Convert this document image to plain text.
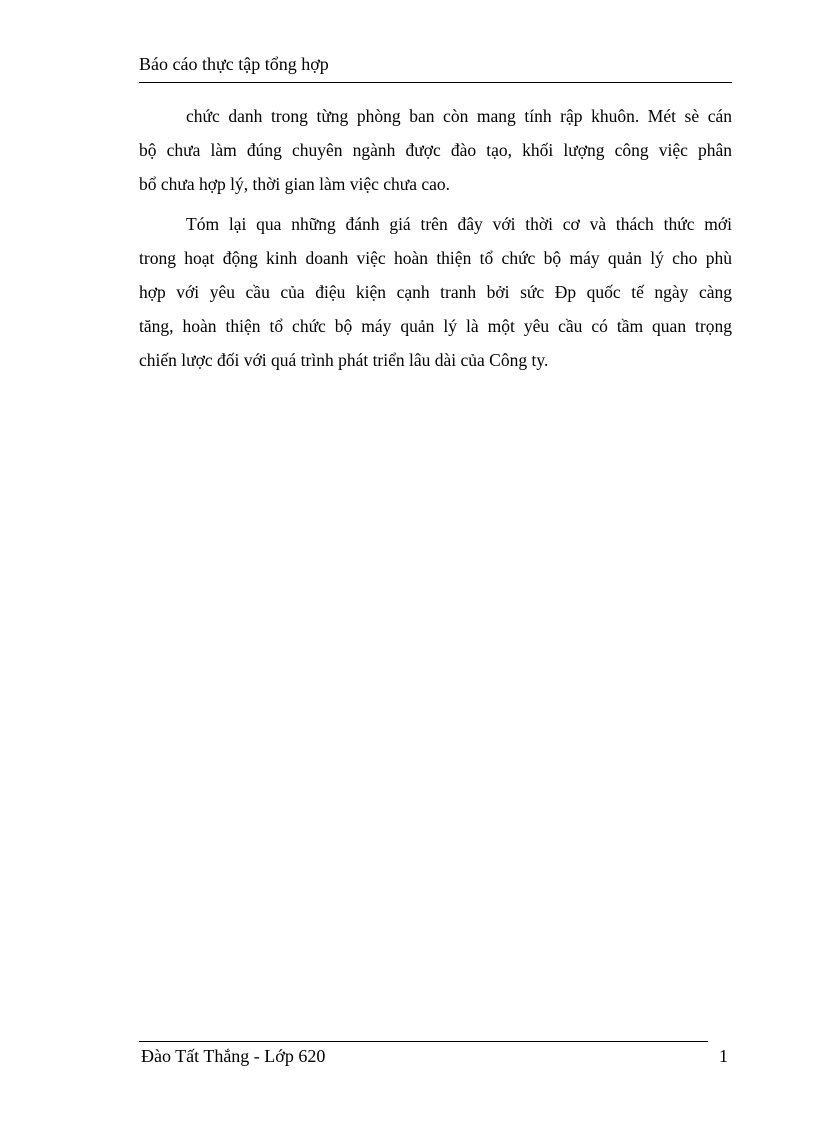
Báo cáo thực tập tổng hợp
chức danh trong từng phòng ban còn mang tính rập khuôn. Mét sè cán
bộ chưa làm đúng chuyên ngành được đào tạo, khối lượng công việc phân
bổ chưa hợp lý, thời gian làm việc chưa cao.
Tóm lại qua những đánh giá trên đây với thời cơ và thách thức mới
trong hoạt động kinh doanh việc hoàn thiện tổ chức bộ máy quản lý cho phù
hợp với yêu cầu của điệu kiện cạnh tranh bởi sức Đp quốc tế ngày càng
tăng, hoàn thiện tổ chức bộ máy quản lý là một yêu cầu có tầm quan trọng
chiến lược đối với quá trình phát triển lâu dài của Công ty.
Đào Tất Thắng - Lớp 620	1
